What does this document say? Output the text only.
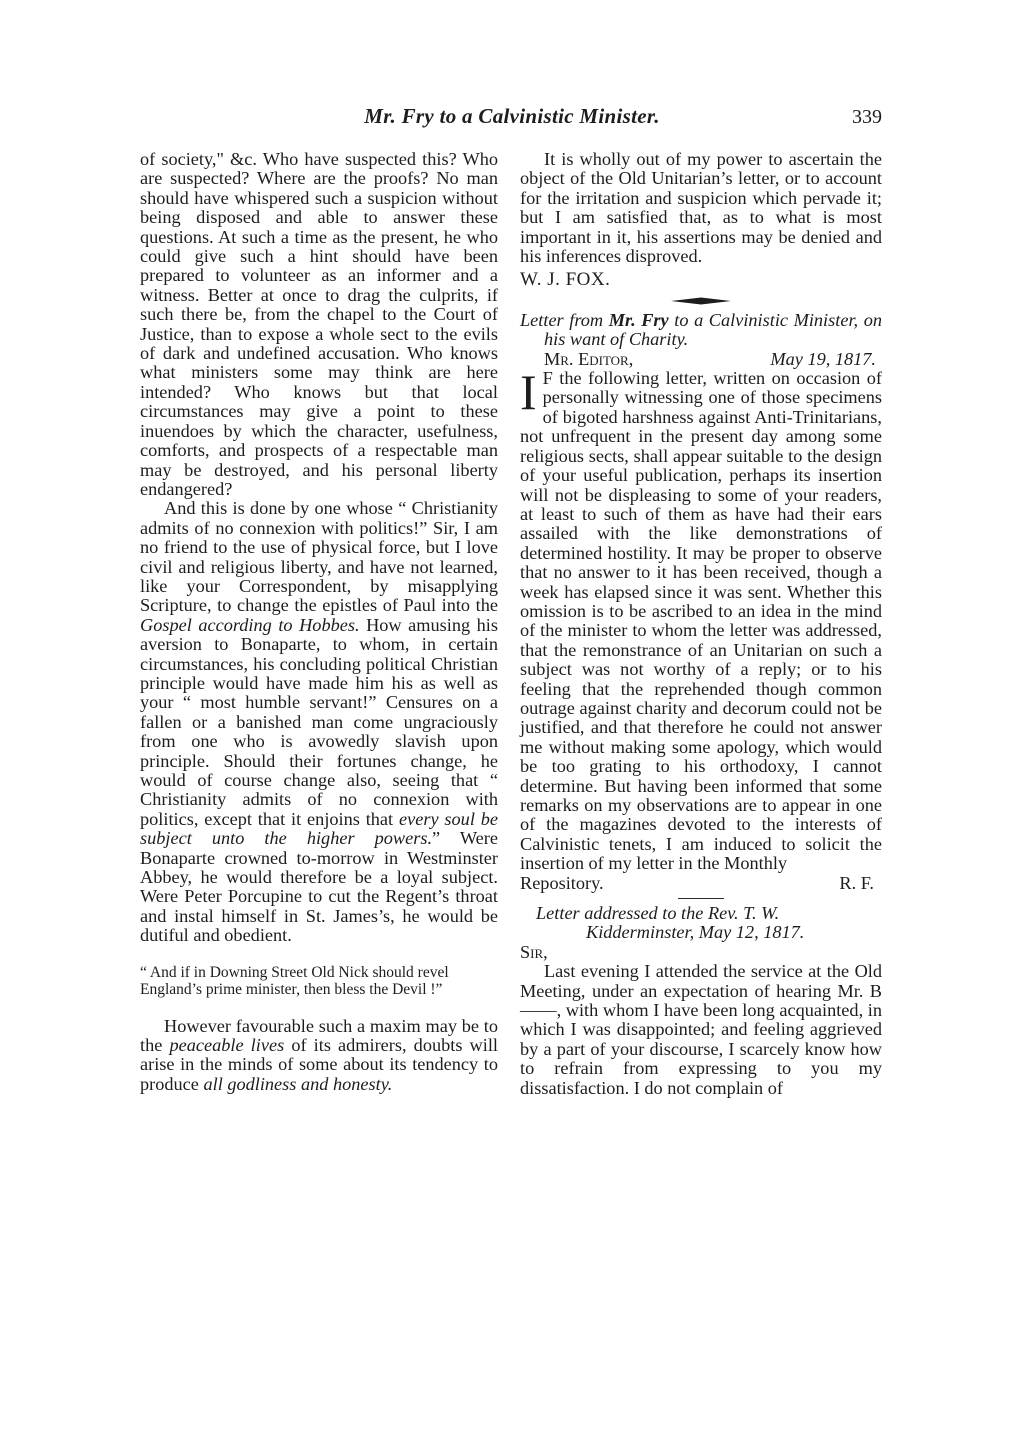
Mr. Fry to a Calvinistic Minister.	339

of society," &c. Who have suspected this? Who are suspected? Where are the proofs? No man should have whispered such a suspicion without being disposed and able to answer these questions. At such a time as the present, he who could give such a hint should have been prepared to volunteer as an informer and a witness. Better at once to drag the culprits, if such there be, from the chapel to the Court of Justice, than to expose a whole sect to the evils of dark and undefined accusation. Who knows what ministers some may think are here intended? Who knows but that local circumstances may give a point to these inuendoes by which the character, usefulness, comforts, and prospects of a respectable man may be destroyed, and his personal liberty endangered?

And this is done by one whose “ Christianity admits of no connexion with politics!” Sir, I am no friend to the use of physical force, but I love civil and religious liberty, and have not learned, like your Correspondent, by misapplying Scripture, to change the epistles of Paul into the Gospel according to Hobbes. How amusing his aversion to Bonaparte, to whom, in certain circumstances, his concluding political Christian principle would have made him his as well as your “ most humble servant!” Censures on a fallen or a banished man come ungraciously from one who is avowedly slavish upon principle. Should their fortunes change, he would of course change also, seeing that “ Christianity admits of no connexion with politics, except that it enjoins that every soul be subject unto the higher powers.” Were Bonaparte crowned to-morrow in Westminster Abbey, he would therefore be a loyal subject. Were Peter Porcupine to cut the Regent’s throat and instal himself in St. James’s, he would be dutiful and obedient.

“ And if in Downing Street Old Nick should revel

England’s prime minister, then bless the Devil !”

However favourable such a maxim may be to the peaceable lives of its admirers, doubts will arise in the minds of some about its tendency to produce all godliness and honesty.

It is wholly out of my power to ascertain the object of the Old Unitarian’s letter, or to account for the irritation and suspicion which pervade it; but I am satisfied that, as to what is most important in it, his assertions may be denied and his inferences disproved.

W. J. FOX.

Letter from Mr. Fry to a Calvinistic Minister, on his want of Charity.

Mr. Editor,	May 19, 1817.

I F the following letter, written on occasion of personally witnessing one of those specimens of bigoted harshness against Anti-Trinitarians, not unfrequent in the present day among some religious sects, shall appear suitable to the design of your useful publication, perhaps its insertion will not be displeasing to some of your readers, at least to such of them as have had their ears assailed with the like demonstrations of determined hostility. It may be proper to observe that no answer to it has been received, though a week has elapsed since it was sent. Whether this omission is to be ascribed to an idea in the mind of the minister to whom the letter was addressed, that the remonstrance of an Unitarian on such a subject was not worthy of a reply; or to his feeling that the reprehended though common outrage against charity and decorum could not be justified, and that therefore he could not answer me without making some apology, which would be too grating to his orthodoxy, I cannot determine. But having been informed that some remarks on my observations are to appear in one of the magazines devoted to the interests of Calvinistic tenets, I am induced to solicit the insertion of my letter in the Monthly

Repository.	R. F.

Letter addressed to the Rev. T. W.
Kidderminster, May 12, 1817.

Sir,

Last evening I attended the service at the Old Meeting, under an expectation of hearing Mr. B——, with whom I have been long acquainted, in which I was disappointed; and feeling aggrieved by a part of your discourse, I scarcely know how to refrain from expressing to you my dissatisfaction. I do not complain of
